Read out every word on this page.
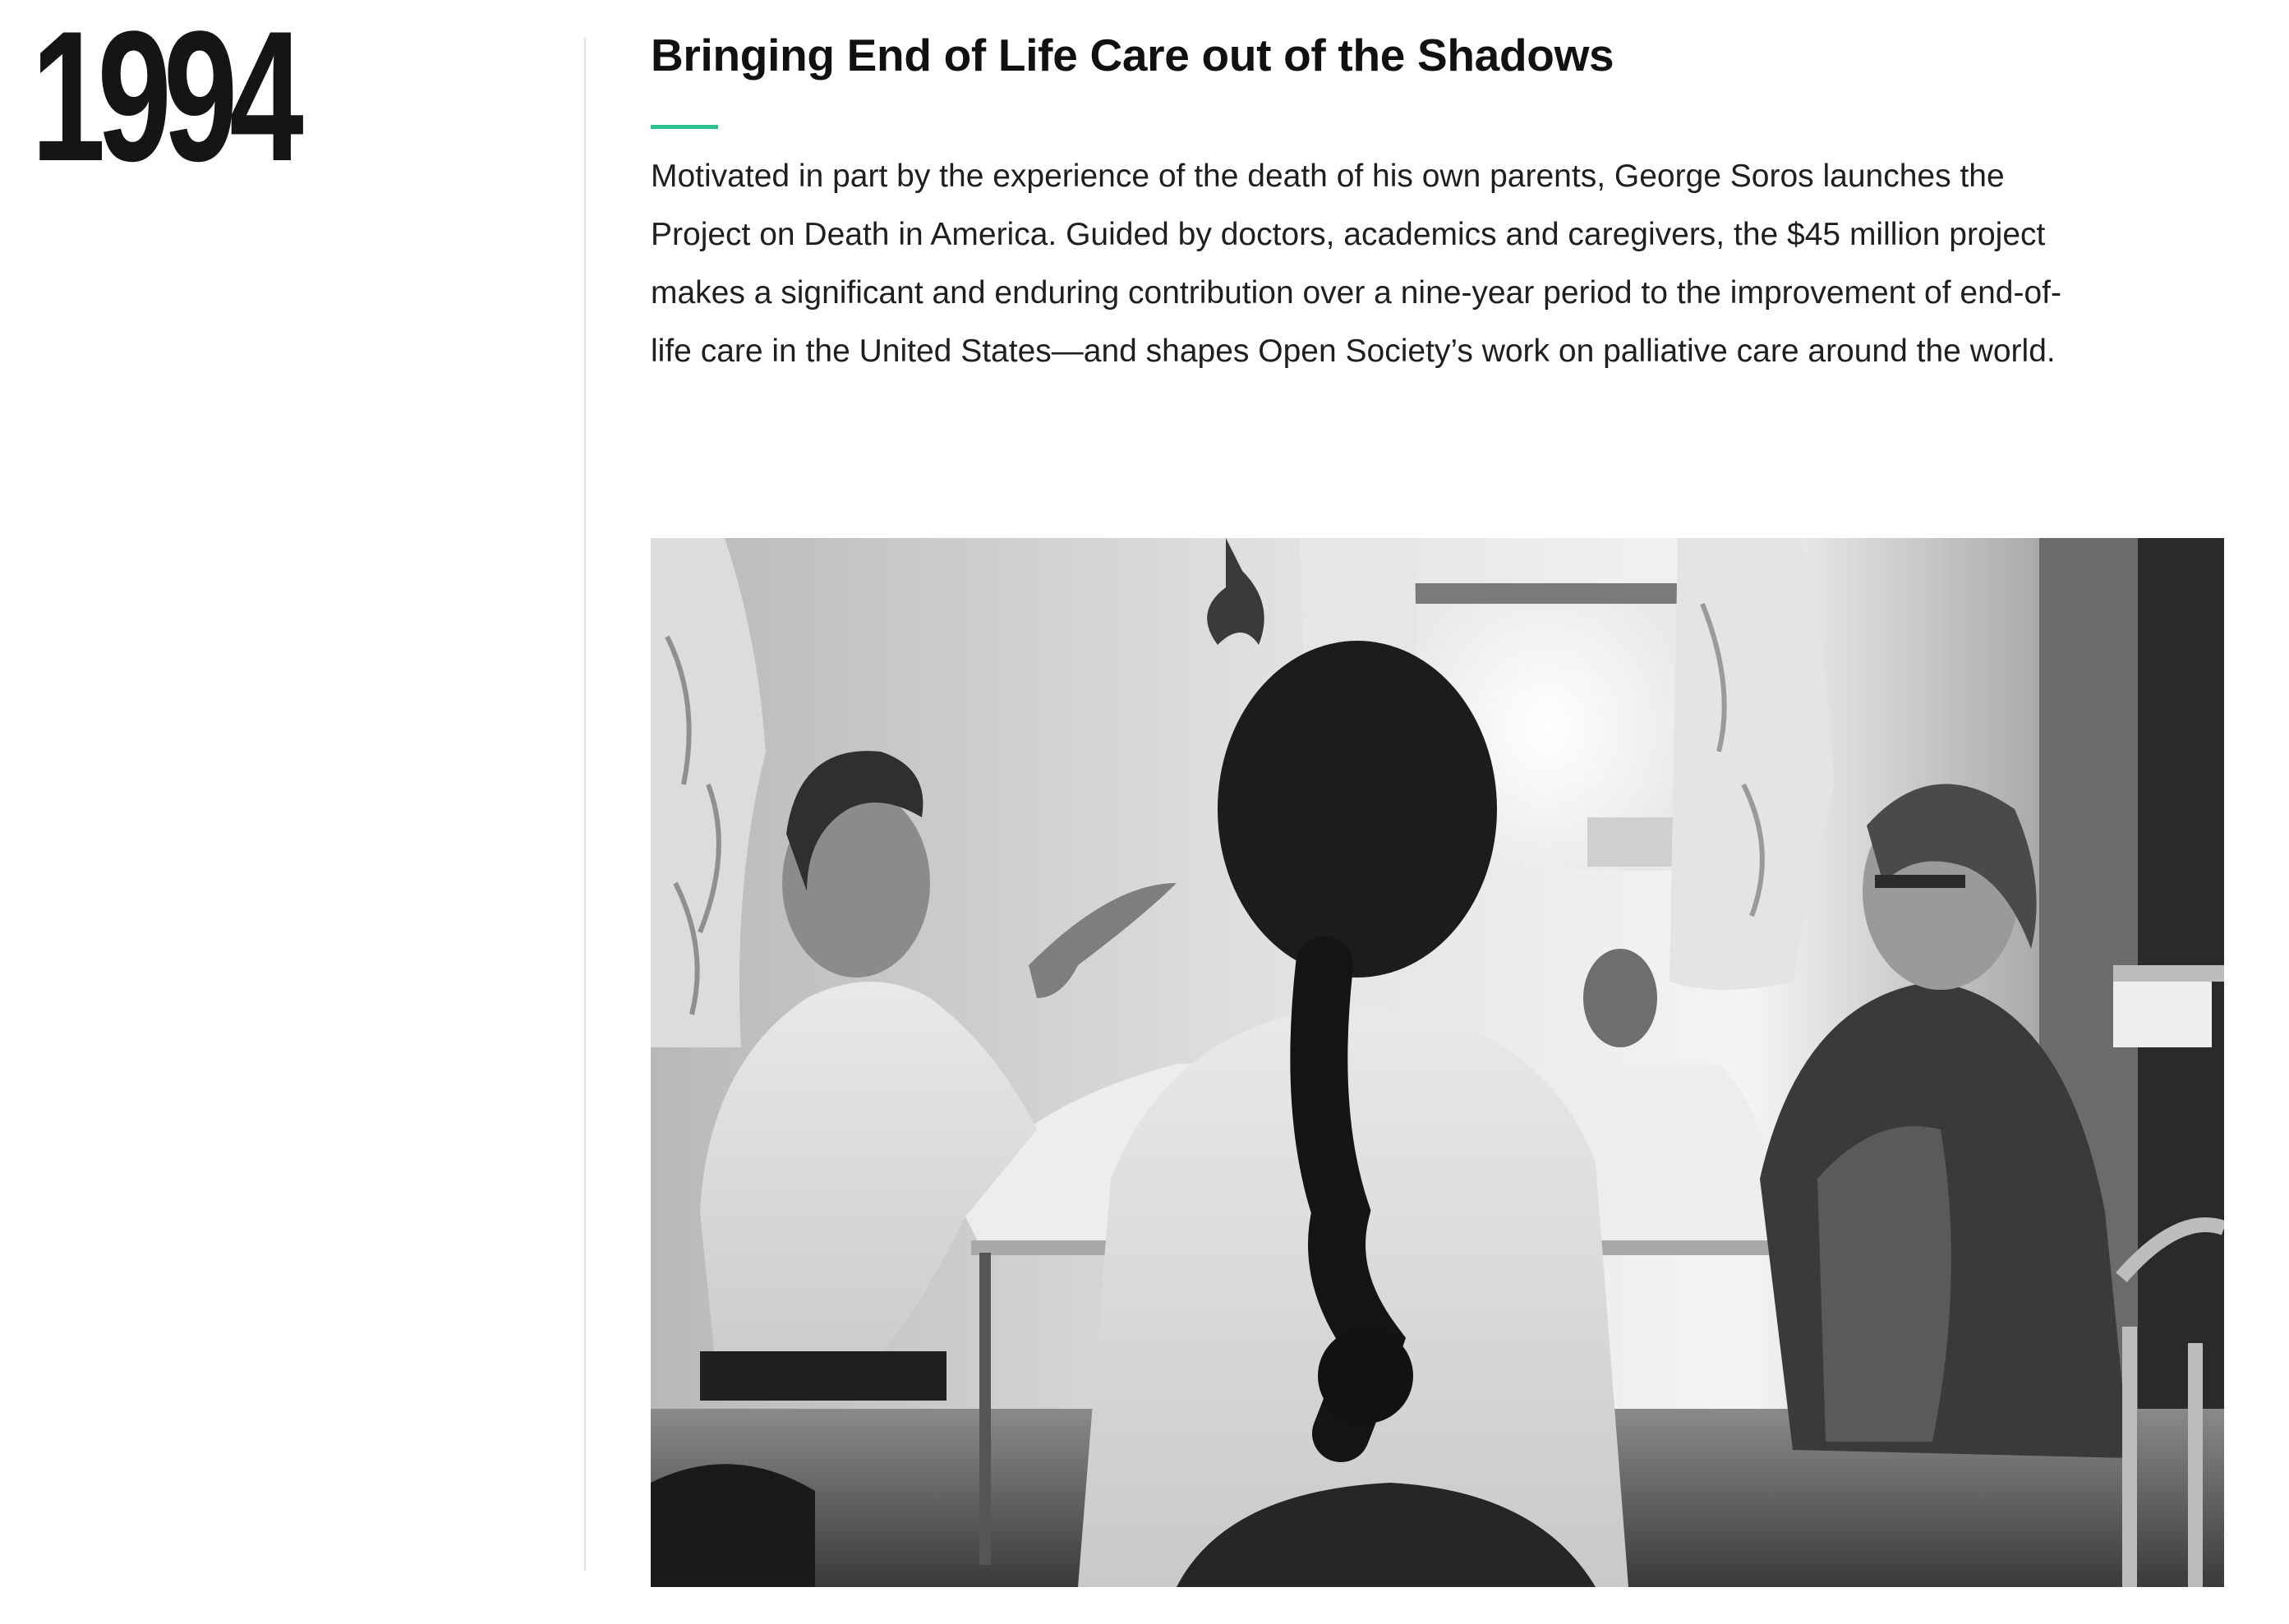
1994	Bringing End of Life Care out of the Shadows

Motivated in part by the experience of the death of his own parents, George Soros launches the Project on Death in America. Guided by doctors, academics and caregivers, the $45 million project makes a significant and enduring contribution over a nine-year period to the improvement of end-of-life care in the United States—and shapes Open Society’s work on palliative care around the world.
